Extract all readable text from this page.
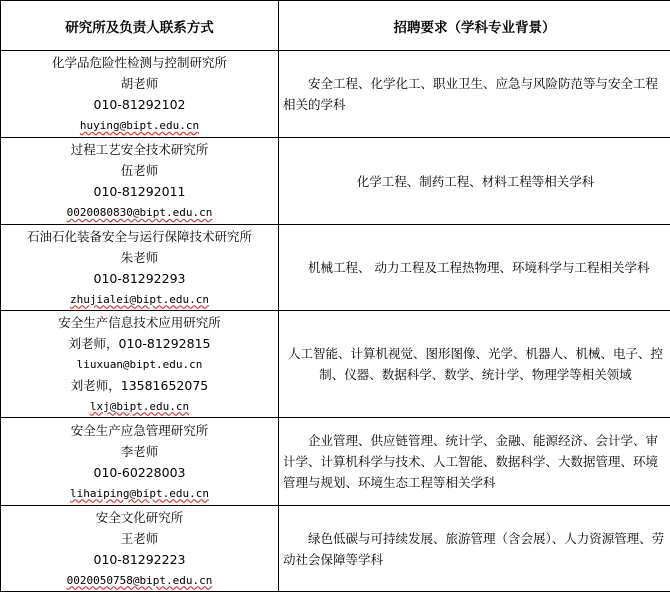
研究所及负责人联系方式	招聘要求（学科专业背景）

化学品危险性检测与控制研究所
胡老师
010-81292102
huying@bipt.edu.cn	安全工程、化学化工、职业卫生、应急与风险防范等与安全工程相关的学科

过程工艺安全技术研究所
伍老师
010-81292011
0020080830@bipt.edu.cn	化学工程、制药工程、材料工程等相关学科

石油石化装备安全与运行保障技术研究所
朱老师
010-81292293
zhujialei@bipt.edu.cn	机械工程、 动力工程及工程热物理、环境科学与工程相关学科

安全生产信息技术应用研究所
刘老师，010-81292815
liuxuan@bipt.edu.cn
刘老师，13581652075
lxj@bipt.edu.cn	人工智能、计算机视觉、图形图像、光学、机器人、机械、电子、控制、仪器、数据科学、数学、统计学、物理学等相关领域

安全生产应急管理研究所
李老师
010-60228003
lihaiping@bipt.edu.cn	企业管理、供应链管理、统计学、金融、能源经济、会计学、审计学、计算机科学与技术、人工智能、数据科学、大数据管理、环境管理与规划、环境生态工程等相关学科

安全文化研究所
王老师
010-81292223
0020050758@bipt.edu.cn	绿色低碳与可持续发展、旅游管理（含会展）、人力资源管理、劳动社会保障等学科
